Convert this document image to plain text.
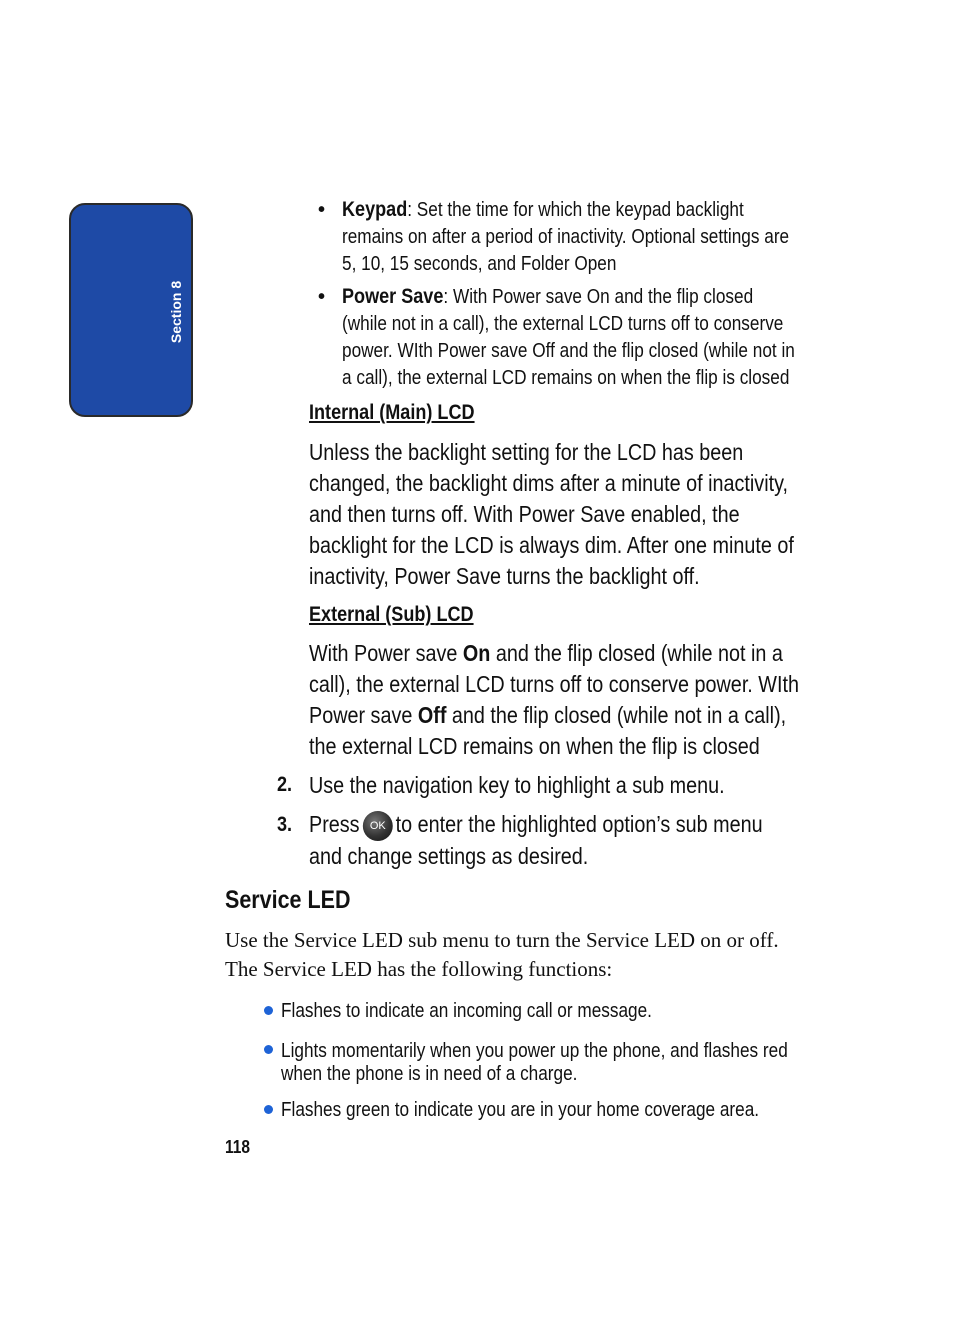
Section 8
• Keypad: Set the time for which the keypad backlight remains on after a period of inactivity. Optional settings are 5, 10, 15 seconds, and Folder Open
• Power Save: With Power save On and the flip closed (while not in a call), the external LCD turns off to conserve power. WIth Power save Off and the flip closed (while not in a call), the external LCD remains on when the flip is closed
Internal (Main) LCD
Unless the backlight setting for the LCD has been changed, the backlight dims after a minute of inactivity, and then turns off. With Power Save enabled, the backlight for the LCD is always dim. After one minute of inactivity, Power Save turns the backlight off.
External (Sub) LCD
With Power save On and the flip closed (while not in a call), the external LCD turns off to conserve power. WIth Power save Off and the flip closed (while not in a call), the external LCD remains on when the flip is closed
2. Use the navigation key to highlight a sub menu.
3. Press OK to enter the highlighted option’s sub menu and change settings as desired.
Service LED
Use the Service LED sub menu to turn the Service LED on or off. The Service LED has the following functions:
Flashes to indicate an incoming call or message.
Lights momentarily when you power up the phone, and flashes red when the phone is in need of a charge.
Flashes green to indicate you are in your home coverage area.
118
